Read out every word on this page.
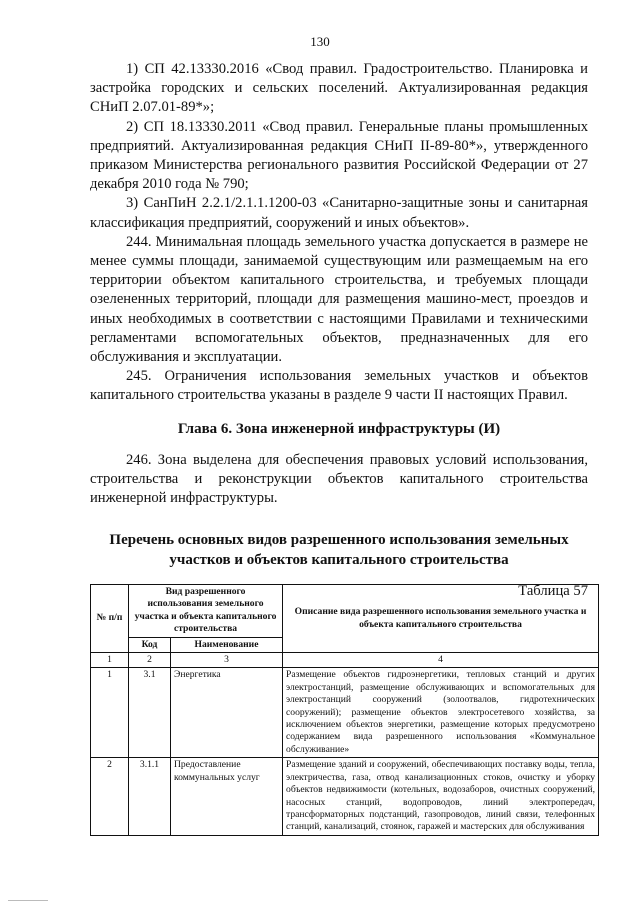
130

1) СП 42.13330.2016 «Свод правил. Градостроительство. Планировка и застройка городских и сельских поселений. Актуализированная редакция СНиП 2.07.01-89*»;

2) СП 18.13330.2011 «Свод правил. Генеральные планы промышленных предприятий. Актуализированная редакция СНиП II-89-80*», утвержденного приказом Министерства регионального развития Российской Федерации от 27 декабря 2010 года № 790;

3) СанПиН 2.2.1/2.1.1.1200-03 «Санитарно-защитные зоны и санитарная классификация предприятий, сооружений и иных объектов».

244. Минимальная площадь земельного участка допускается в размере не менее суммы площади, занимаемой существующим или размещаемым на его территории объектом капитального строительства, и требуемых площади озелененных территорий, площади для размещения машино-мест, проездов и иных необходимых в соответствии с настоящими Правилами и техническими регламентами вспомогательных объектов, предназначенных для его обслуживания и эксплуатации.

245. Ограничения использования земельных участков и объектов капитального строительства указаны в разделе 9 части II настоящих Правил.

Глава 6. Зона инженерной инфраструктуры (И)

246. Зона выделена для обеспечения правовых условий использования, строительства и реконструкции объектов капитального строительства инженерной инфраструктуры.

Перечень основных видов разрешенного использования земельных участков и объектов капитального строительства
Таблица 57
№ п/п	Вид разрешенного использования земельного участка и объекта капитального строительства		Описание вида разрешенного использования земельного участка и объекта капитального строительства
	Код	Наименование	
1	2	3	4
1	3.1	Энергетика	Размещение объектов гидроэнергетики, тепловых станций и других электростанций, размещение обслуживающих и вспомогательных для электростанций сооружений (золоотвалов, гидротехнических сооружений); размещение объектов электросетевого хозяйства, за исключением объектов энергетики, размещение которых предусмотрено содержанием вида разрешенного использования «Коммунальное обслуживание»
2	3.1.1	Предоставление коммунальных услуг	Размещение зданий и сооружений, обеспечивающих поставку воды, тепла, электричества, газа, отвод канализационных стоков, очистку и уборку объектов недвижимости (котельных, водозаборов, очистных сооружений, насосных станций, водопроводов, линий электропередач, трансформаторных подстанций, газопроводов, линий связи, телефонных станций, канализаций, стоянок, гаражей и мастерских для обслуживания
